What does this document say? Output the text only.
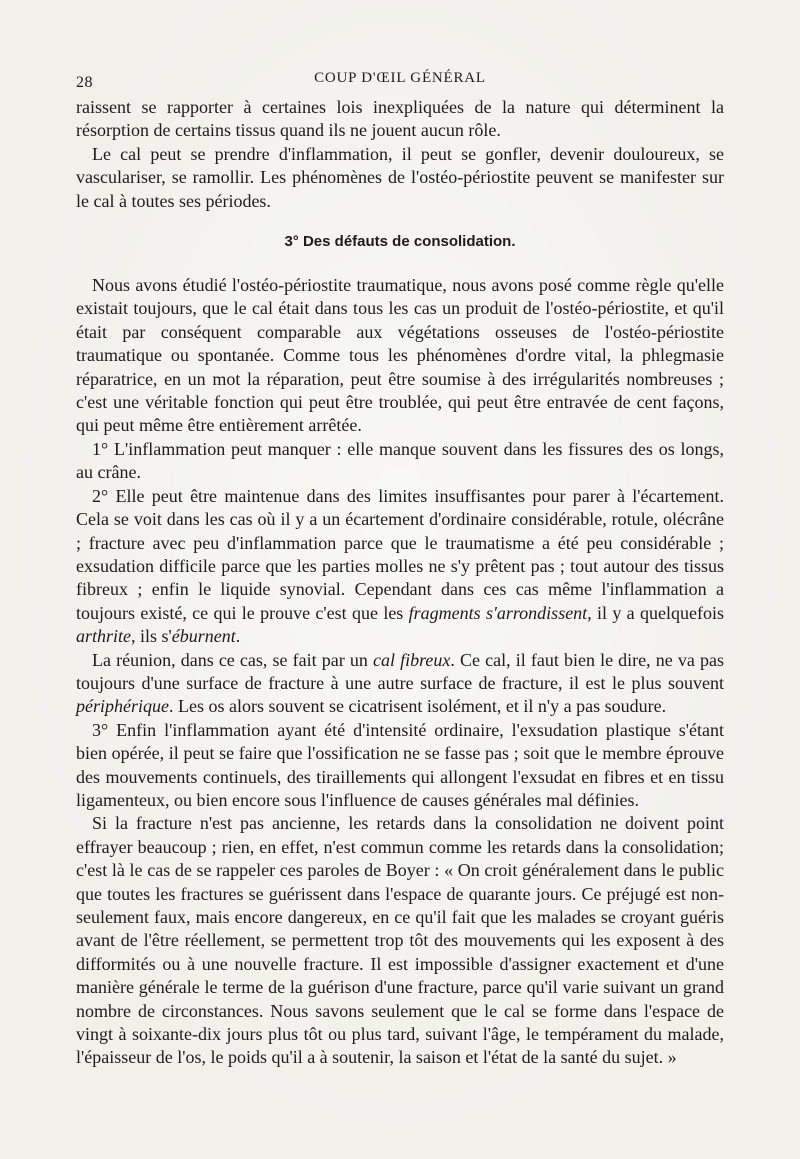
28	COUP D'ŒIL GÉNÉRAL

raissent se rapporter à certaines lois inexpliquées de la nature qui déterminent la résorption de certains tissus quand ils ne jouent aucun rôle.

Le cal peut se prendre d'inflammation, il peut se gonfler, devenir douloureux, se vasculariser, se ramollir. Les phénomènes de l'ostéo-périostite peuvent se manifester sur le cal à toutes ses périodes.

3° Des défauts de consolidation.

Nous avons étudié l'ostéo-périostite traumatique, nous avons posé comme règle qu'elle existait toujours, que le cal était dans tous les cas un produit de l'ostéo-périostite, et qu'il était par conséquent comparable aux végétations osseuses de l'ostéo-périostite traumatique ou spontanée. Comme tous les phénomènes d'ordre vital, la phlegmasie réparatrice, en un mot la réparation, peut être soumise à des irrégularités nombreuses ; c'est une véritable fonction qui peut être troublée, qui peut être entravée de cent façons, qui peut même être entièrement arrêtée.

1° L'inflammation peut manquer : elle manque souvent dans les fissures des os longs, au crâne.

2° Elle peut être maintenue dans des limites insuffisantes pour parer à l'écartement. Cela se voit dans les cas où il y a un écartement d'ordinaire considérable, rotule, olécrâne ; fracture avec peu d'inflammation parce que le traumatisme a été peu considérable ; exsudation difficile parce que les parties molles ne s'y prêtent pas ; tout autour des tissus fibreux ; enfin le liquide synovial. Cependant dans ces cas même l'inflammation a toujours existé, ce qui le prouve c'est que les fragments s'arrondissent, il y a quelquefois arthrite, ils s'éburnent.

La réunion, dans ce cas, se fait par un cal fibreux. Ce cal, il faut bien le dire, ne va pas toujours d'une surface de fracture à une autre surface de fracture, il est le plus souvent périphérique. Les os alors souvent se cicatrisent isolément, et il n'y a pas soudure.

3° Enfin l'inflammation ayant été d'intensité ordinaire, l'exsudation plastique s'étant bien opérée, il peut se faire que l'ossification ne se fasse pas ; soit que le membre éprouve des mouvements continuels, des tiraillements qui allongent l'exsudat en fibres et en tissu ligamenteux, ou bien encore sous l'influence de causes générales mal définies.

Si la fracture n'est pas ancienne, les retards dans la consolidation ne doivent point effrayer beaucoup ; rien, en effet, n'est commun comme les retards dans la consolidation; c'est là le cas de se rappeler ces paroles de Boyer : « On croit généralement dans le public que toutes les fractures se guérissent dans l'espace de quarante jours. Ce préjugé est non-seulement faux, mais encore dangereux, en ce qu'il fait que les malades se croyant guéris avant de l'être réellement, se permettent trop tôt des mouvements qui les exposent à des difformités ou à une nouvelle fracture. Il est impossible d'assigner exactement et d'une manière générale le terme de la guérison d'une fracture, parce qu'il varie suivant un grand nombre de circonstances. Nous savons seulement que le cal se forme dans l'espace de vingt à soixante-dix jours plus tôt ou plus tard, suivant l'âge, le tempérament du malade, l'épaisseur de l'os, le poids qu'il a à soutenir, la saison et l'état de la santé du sujet. »
